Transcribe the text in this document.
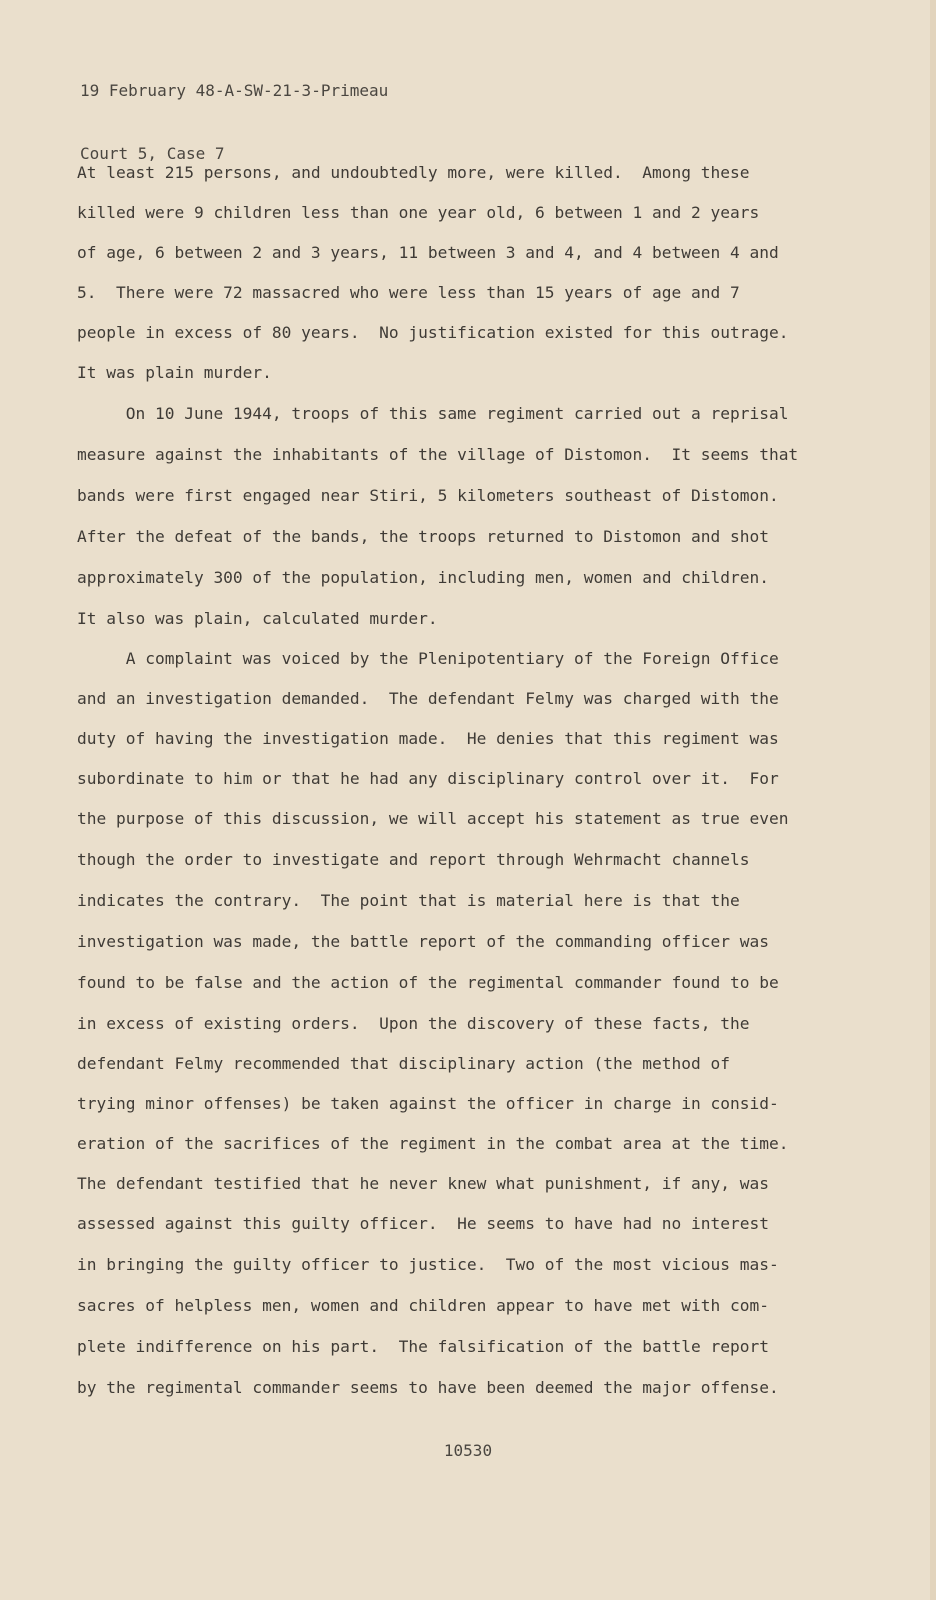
19 February 48-A-SW-21-3-Primeau

Court 5, Case 7

At least 215 persons, and undoubtedly more, were killed.  Among these
killed were 9 children less than one year old, 6 between 1 and 2 years
of age, 6 between 2 and 3 years, 11 between 3 and 4, and 4 between 4 and
5.  There were 72 massacred who were less than 15 years of age and 7
people in excess of 80 years.  No justification existed for this outrage.
It was plain murder.
On 10 June 1944, troops of this same regiment carried out a reprisal
measure against the inhabitants of the village of Distomon.  It seems that
bands were first engaged near Stiri, 5 kilometers southeast of Distomon.
After the defeat of the bands, the troops returned to Distomon and shot
approximately 300 of the population, including men, women and children.
It also was plain, calculated murder.
A complaint was voiced by the Plenipotentiary of the Foreign Office
and an investigation demanded.  The defendant Felmy was charged with the
duty of having the investigation made.  He denies that this regiment was
subordinate to him or that he had any disciplinary control over it.  For
the purpose of this discussion, we will accept his statement as true even
though the order to investigate and report through Wehrmacht channels
indicates the contrary.  The point that is material here is that the
investigation was made, the battle report of the commanding officer was
found to be false and the action of the regimental commander found to be
in excess of existing orders.  Upon the discovery of these facts, the
defendant Felmy recommended that disciplinary action (the method of
trying minor offenses) be taken against the officer in charge in consid-
eration of the sacrifices of the regiment in the combat area at the time.
The defendant testified that he never knew what punishment, if any, was
assessed against this guilty officer.  He seems to have had no interest
in bringing the guilty officer to justice.  Two of the most vicious mas-
sacres of helpless men, women and children appear to have met with com-
plete indifference on his part.  The falsification of the battle report
by the regimental commander seems to have been deemed the major offense.
10530
